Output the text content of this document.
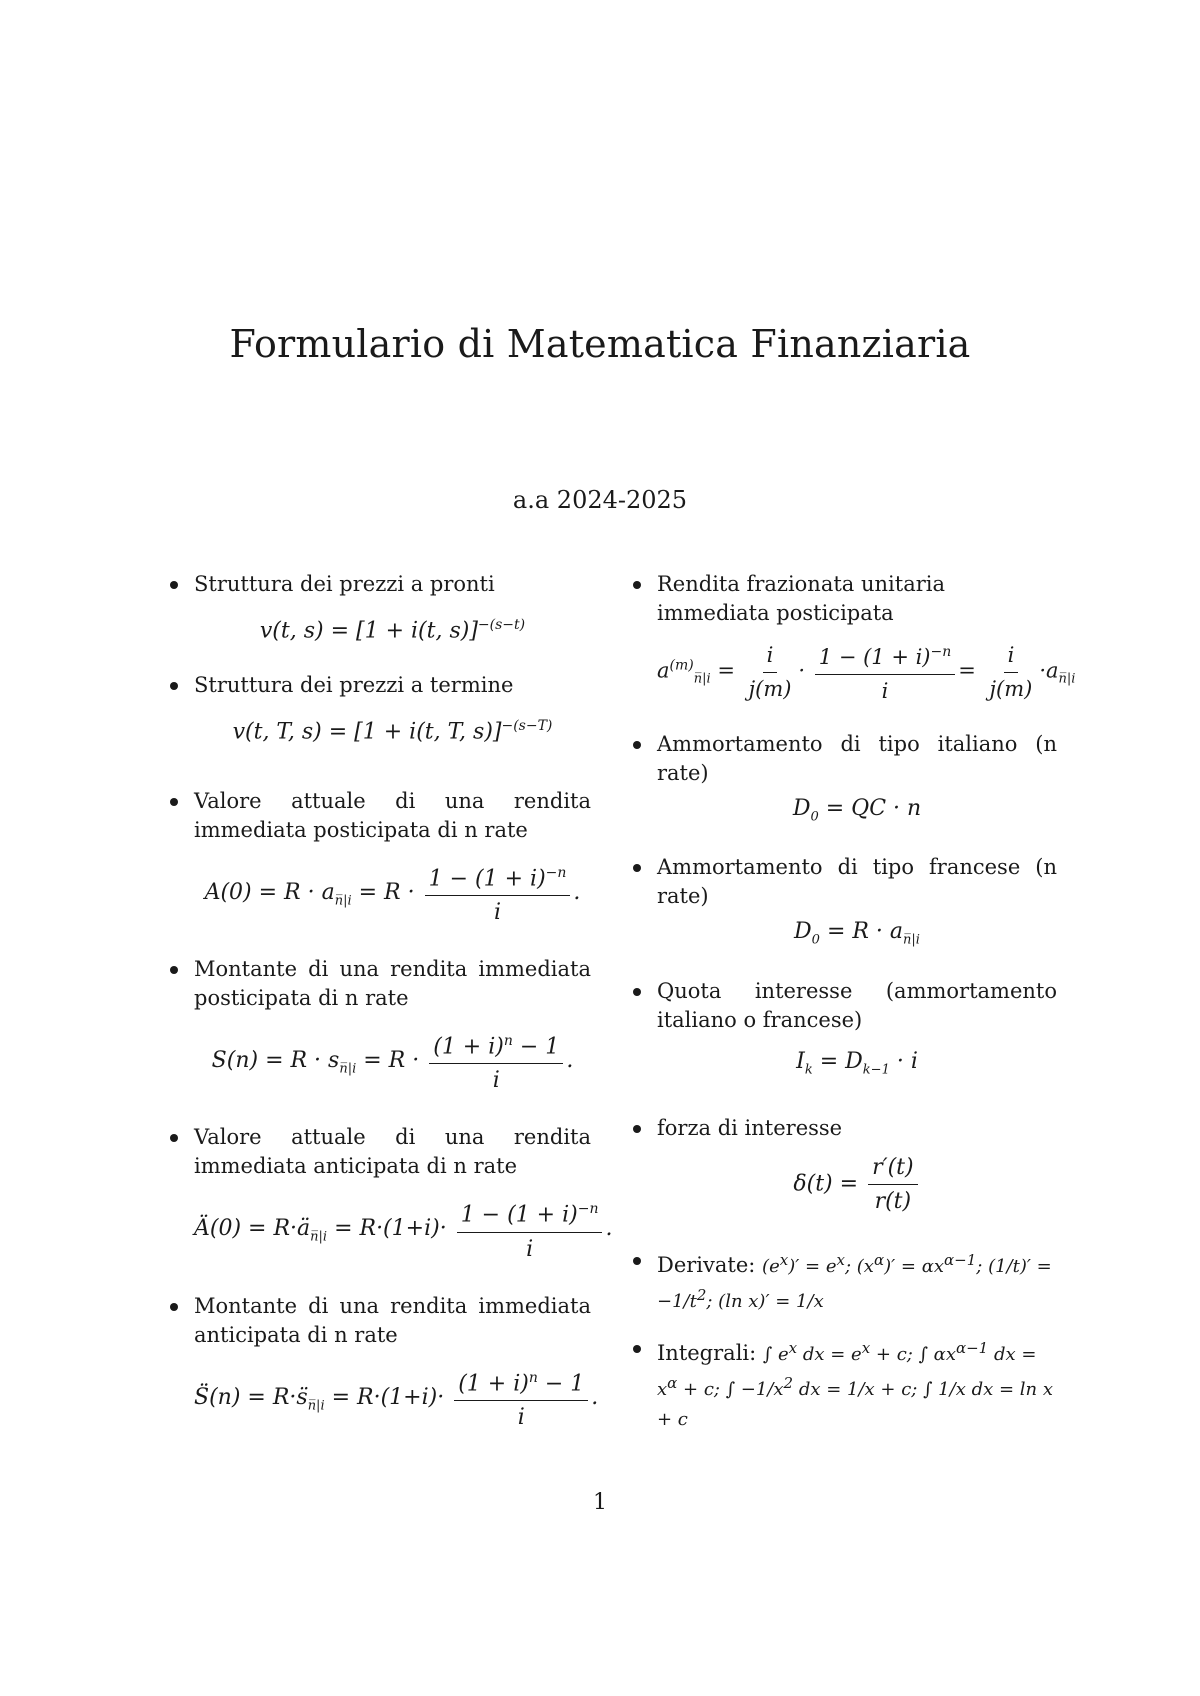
Formulario di Matematica Finanziaria
a.a 2024-2025
Struttura dei prezzi a pronti
v(t, s) = [1 + i(t, s)]$^{-(s-t)}$
Struttura dei prezzi a termine
v(t, T, s) = [1 + i(t, T, s)]$^{-(s-T)}$
Valore attuale di una rendita immediata posticipata di n rate
$A(0) = R \cdot a_{n̅|i} = R \cdot \frac{1 - (1 + i)^{-n}}{i}$ .
Montante di una rendita immediata posticipata di n rate
$S(n) = R \cdot s_{n̅|i} = R \cdot \frac{(1 + i)^n - 1}{i}$ .
Valore attuale di una rendita immediata anticipata di n rate
Ä(0) = $R\cdot ä_{n̅|i} = R\cdot(1+i)\cdot \frac{1 - (1 + i)^{-n}}{i}$ .
Montante di una rendita immediata anticipata di n rate
S̈(n) = $R\cdot s̈_{n̅|i} = R\cdot(1+i)\cdot \frac{(1 + i)^n - 1}{i}$ .
Rendita frazionata unitaria immediata posticipata
$a^{(m)}_{n̅|i} = \frac{i}{j(m)} \cdot \frac{1 - (1 + i)^{-n}}{i} = \frac{i}{j(m)} \cdot a_{n̅|i}$
Ammortamento di tipo italiano (n rate)
$D_0$ = QC · n
Ammortamento di tipo francese (n rate)
$D_0 = R \cdot a_{n̅|i}$
Quota interesse (ammortamento italiano o francese)
$I_k = D_{k-1} \cdot i$
forza di interesse
$\delta(t) = \frac{r'(t)}{r(t)}$
Derivate: $(e^x)' = e^x$; $(x^\alpha)' = \alpha x^{\alpha-1}$; $(1/t)' = -1/t^2$; (ln x)′ = 1/x
Integrali: ∫ $e^x$ dx = $e^x + c$; ∫ $\alpha x^{\alpha-1}$ dx = $x^\alpha + c$; ∫ $-1/x^2$ dx = 1/x + c; ∫ 1/x dx = ln x + c
1
